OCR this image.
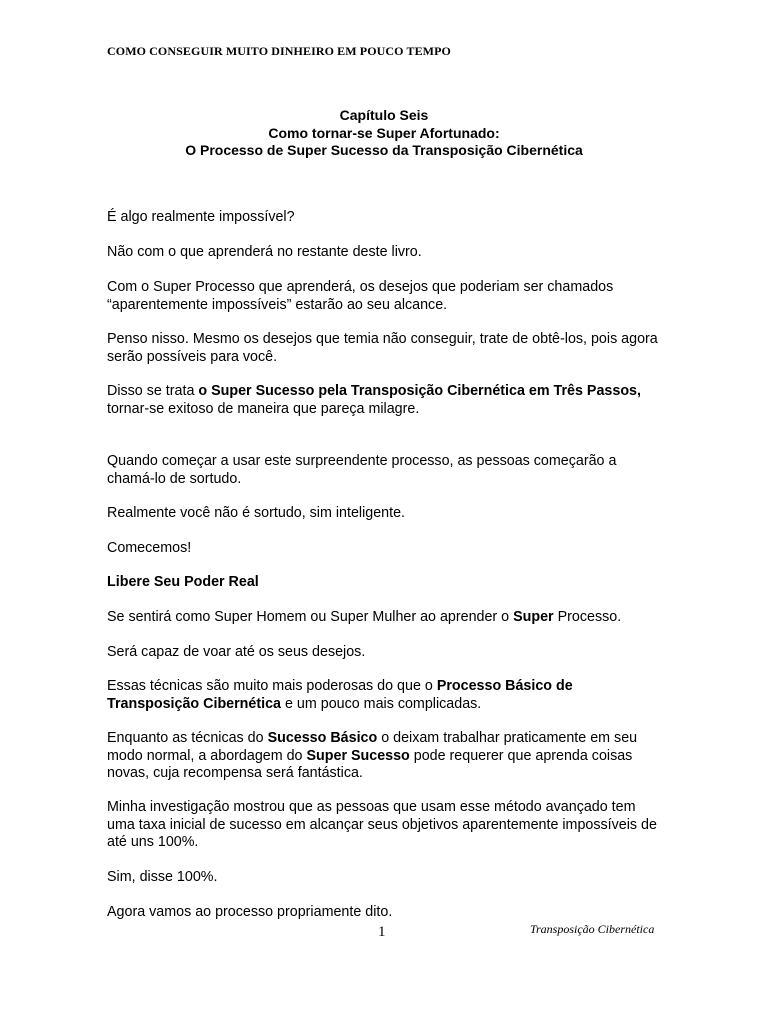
COMO CONSEGUIR MUITO DINHEIRO EM POUCO TEMPO
Capítulo Seis
Como tornar-se Super Afortunado:
O Processo de Super Sucesso da Transposição Cibernética

É algo realmente impossível?

Não com o que aprenderá no restante deste livro.

Com o Super Processo que aprenderá, os desejos que poderiam ser chamados “aparentemente impossíveis” estarão ao seu alcance.

Penso nisso. Mesmo os desejos que temia não conseguir, trate de obtê-los, pois agora serão possíveis para você.

Disso se trata o Super Sucesso pela Transposição Cibernética em Três Passos, tornar-se exitoso de maneira que pareça milagre.

Quando começar a usar este surpreendente processo, as pessoas começarão a chamá-lo de sortudo.

Realmente você não é sortudo, sim inteligente.

Comecemos!

Libere Seu Poder Real

Se sentirá como Super Homem ou Super Mulher ao aprender o Super Processo.

Será capaz de voar até os seus desejos.

Essas técnicas são muito mais poderosas do que o Processo Básico de Transposição Cibernética e um pouco mais complicadas.

Enquanto as técnicas do Sucesso Básico o deixam trabalhar praticamente em seu modo normal, a abordagem do Super Sucesso pode requerer que aprenda coisas novas, cuja recompensa será fantástica.

Minha investigação mostrou que as pessoas que usam esse método avançado tem uma taxa inicial de sucesso em alcançar seus objetivos aparentemente impossíveis de até uns 100%.

Sim, disse 100%.

Agora vamos ao processo propriamente dito.

1	Transposição Cibernética
